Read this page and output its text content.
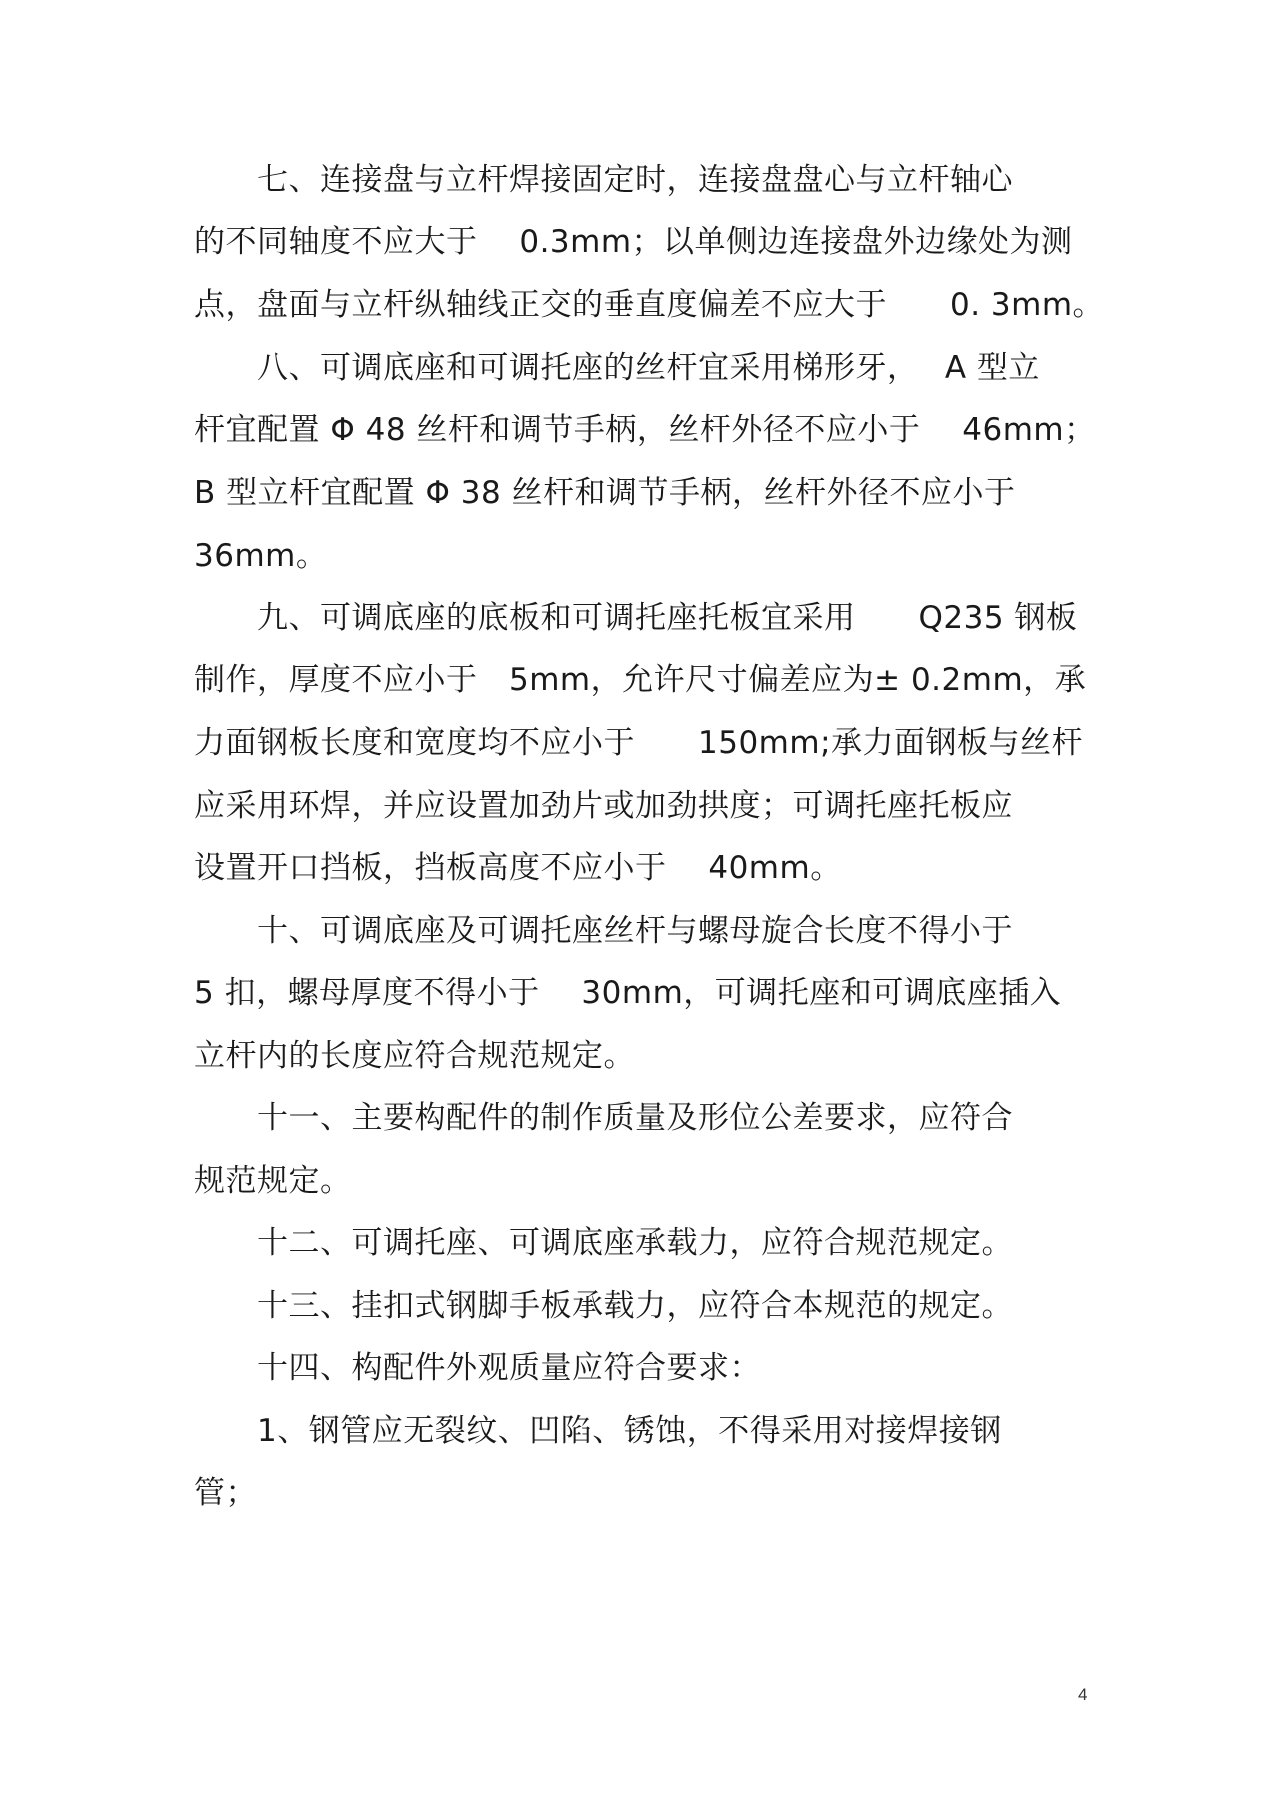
　　七、连接盘与立杆焊接固定时，连接盘盘心与立杆轴心
的不同轴度不应大于　 0.3mm；以单侧边连接盘外边缘处为测
点，盘面与立杆纵轴线正交的垂直度偏差不应大于　　0. 3mm。
　　八、可调底座和可调托座的丝杆宜采用梯形牙，　 A 型立
杆宜配置 Φ 48 丝杆和调节手柄，丝杆外径不应小于　 46mm；
B 型立杆宜配置 Φ 38 丝杆和调节手柄，丝杆外径不应小于
36mm。
　　九、可调底座的底板和可调托座托板宜采用　　Q235 钢板
制作，厚度不应小于　5mm，允许尺寸偏差应为± 0.2mm，承
力面钢板长度和宽度均不应小于　　150mm;承力面钢板与丝杆
应采用环焊，并应设置加劲片或加劲拱度；可调托座托板应
设置开口挡板，挡板高度不应小于　 40mm。
　　十、可调底座及可调托座丝杆与螺母旋合长度不得小于
5 扣，螺母厚度不得小于　 30mm，可调托座和可调底座插入
立杆内的长度应符合规范规定。
　　十一、主要构配件的制作质量及形位公差要求，应符合
规范规定。
　　十二、可调托座、可调底座承载力，应符合规范规定。
　　十三、挂扣式钢脚手板承载力，应符合本规范的规定。
　　十四、构配件外观质量应符合要求：
　　1、钢管应无裂纹、凹陷、锈蚀，不得采用对接焊接钢
管；
4
